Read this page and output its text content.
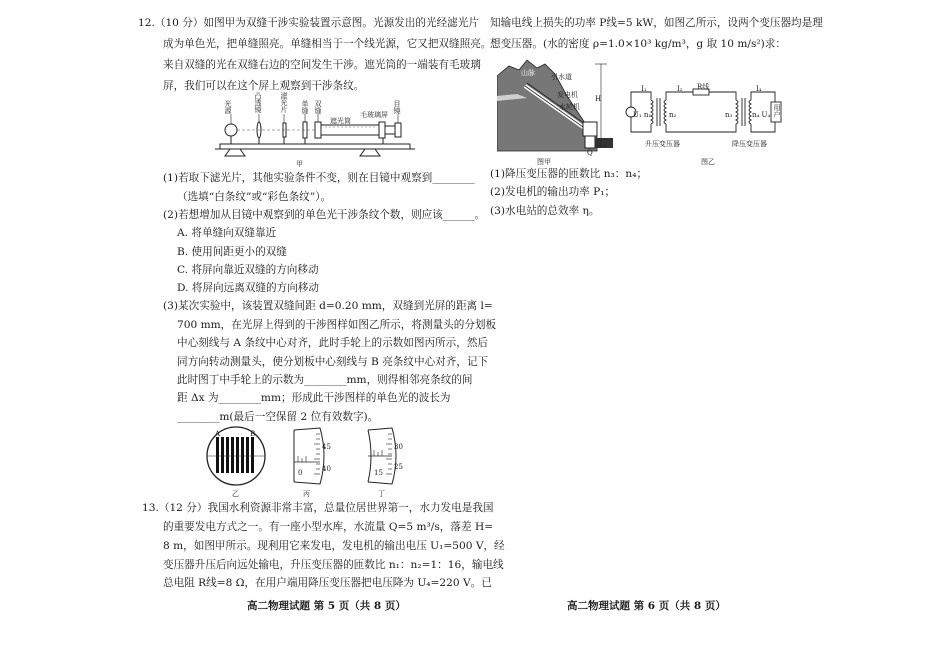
12.（10 分）如图甲为双缝干涉实验装置示意图。光源发出的光经滤光片
成为单色光，把单缝照亮。单缝相当于一个线光源，它又把双缝照亮。
来自双缝的光在双缝右边的空间发生干涉。遮光筒的一端装有毛玻璃
屏，我们可以在这个屏上观察到干涉条纹。
光源	凸透镜	滤光片 单缝 双缝
遮光筒
毛玻璃屏
目镜
甲
(1)若取下滤光片，其他实验条件不变，则在目镜中观察到________
（选填“白条纹”或“彩色条纹”）。
(2)若想增加从目镜中观察到的单色光干涉条纹个数，则应该______。
A. 将单缝向双缝靠近
B. 使用间距更小的双缝
C. 将屏向靠近双缝的方向移动
D. 将屏向远离双缝的方向移动
(3)某次实验中，该装置双缝间距 d=0.20 mm，双缝到光屏的距离 l=
700 mm，在光屏上得到的干涉图样如图乙所示，将测量头的分划板
中心刻线与 A 条纹中心对齐，此时手轮上的示数如图丙所示，然后
同方向转动测量头，使分划板中心刻线与 B 亮条纹中心对齐，记下
此时图丁中手轮上的示数为________mm，则得相邻亮条纹的间
距 Δx 为________mm；形成此干涉图样的单色光的波长为
________m(最后一空保留 2 位有效数字)。
A	B
乙
45
40
0
丙
30
25
15
丁
13.（12 分）我国水利资源非常丰富，总量位居世界第一，水力发电是我国
的重要发电方式之一。有一座小型水库，水流量 Q=5 m³/s，落差 H=
8 m，如图甲所示。现利用它来发电，发电机的输出电压 U₁=500 V，经
变压器升压后向远处输电，升压变压器的匝数比 n₁：n₂=1：16，输电线
总电阻 R线=8 Ω，在用户端用降压变压器把电压降为 U₄=220 V。已
高二物理试题 第 5 页（共 8 页）
知输电线上损失的功率 P线=5 kW，如图乙所示，设两个变压器均是理
想变压器。(水的密度 ρ=1.0×10³ kg/m³，g 取 10 m/s²)求：
山脉 引水道
发电机
水轮机
H
Q
图甲
I₁	I₂ R线	I₄
U₁ n₁	n₂	n₃	n₄ U₄ 用户
升压变压器	降压变压器
图乙
(1)降压变压器的匝数比 n₃：n₄；
(2)发电机的输出功率 P₁；
(3)水电站的总效率 η。
高二物理试题 第 6 页（共 8 页）
